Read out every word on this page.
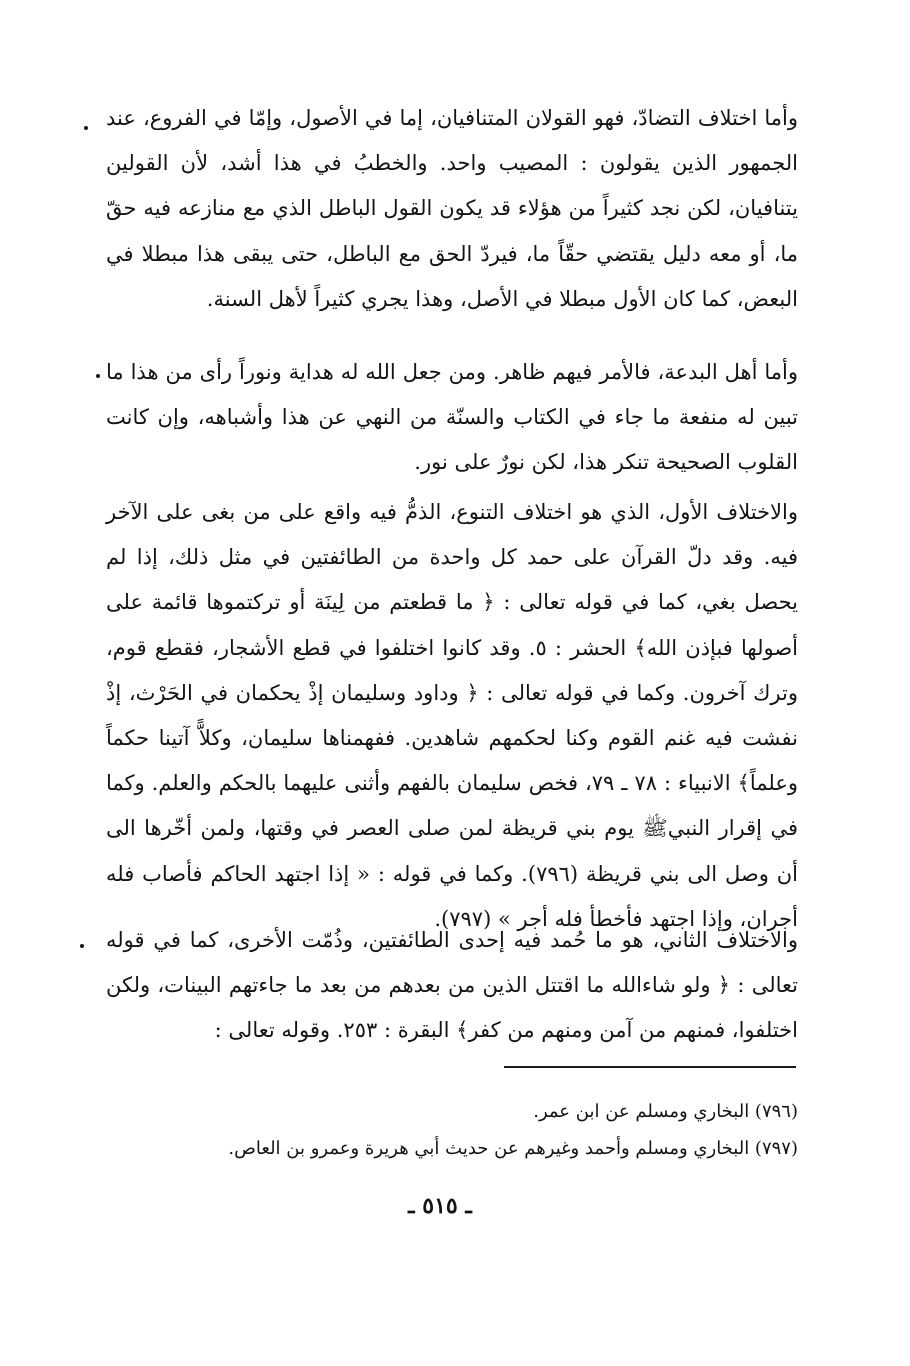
وأما اختلاف التضادّ، فهو القولان المتنافيان، إما في الأصول، وإمّا في الفروع، عند الجمهور الذين يقولون : المصيب واحد. والخطبُ في هذا أشد، لأن القولين يتنافيان، لكن نجد كثيراً من هؤلاء قد يكون القول الباطل الذي مع منازعه فيه حقّ ما، أو معه دليل يقتضي حقّاً ما، فيردّ الحق مع الباطل، حتى يبقى هذا مبطلا في البعض، كما كان الأول مبطلا في الأصل، وهذا يجري كثيراً لأهل السنة.

وأما أهل البدعة، فالأمر فيهم ظاهر. ومن جعل الله له هداية ونوراً رأى من هذا ما تبين له منفعة ما جاء في الكتاب والسنّة من النهي عن هذا وأشباهه، وإن كانت القلوب الصحيحة تنكر هذا، لكن نورٌ على نور.

والاختلاف الأول، الذي هو اختلاف التنوع، الذمُّ فيه واقع على من بغى على الآخر فيه. وقد دلّ القرآن على حمد كل واحدة من الطائفتين في مثل ذلك، إذا لم يحصل بغي، كما في قوله تعالى : ﴿ ما قطعتم من لِينَة أو تركتموها قائمة على أصولها فبإذن الله﴾ الحشر : ٥. وقد كانوا اختلفوا في قطع الأشجار، فقطع قوم، وترك آخرون. وكما في قوله تعالى : ﴿ وداود وسليمان إذْ يحكمان في الحَرْث، إذْ نفشت فيه غنم القوم وكنا لحكمهم شاهدين. ففهمناها سليمان، وكلاًّ آتينا حكماً وعلماً﴾ الانبياء : ٧٨ ـ ٧٩، فخص سليمان بالفهم وأثنى عليهما بالحكم والعلم. وكما في إقرار النبيﷺ يوم بني قريظة لمن صلى العصر في وقتها، ولمن أخّرها الى أن وصل الى بني قريظة (٧٩٦). وكما في قوله : « إذا اجتهد الحاكم فأصاب فله أجران، وإذا اجتهد فأخطأ فله أجر » (٧٩٧).

والاختلاف الثاني، هو ما حُمد فيه إحدى الطائفتين، وذُمّت الأخرى، كما في قوله تعالى : ﴿ ولو شاءالله ما اقتتل الذين من بعدهم من بعد ما جاءتهم البينات، ولكن اختلفوا، فمنهم من آمن ومنهم من كفر﴾ البقرة : ٢٥٣. وقوله تعالى :

(٧٩٦) البخاري ومسلم عن ابن عمر.

(٧٩٧) البخاري ومسلم وأحمد وغيرهم عن حديث أبي هريرة وعمرو بن العاص.

ـ ٥١٥ ـ
